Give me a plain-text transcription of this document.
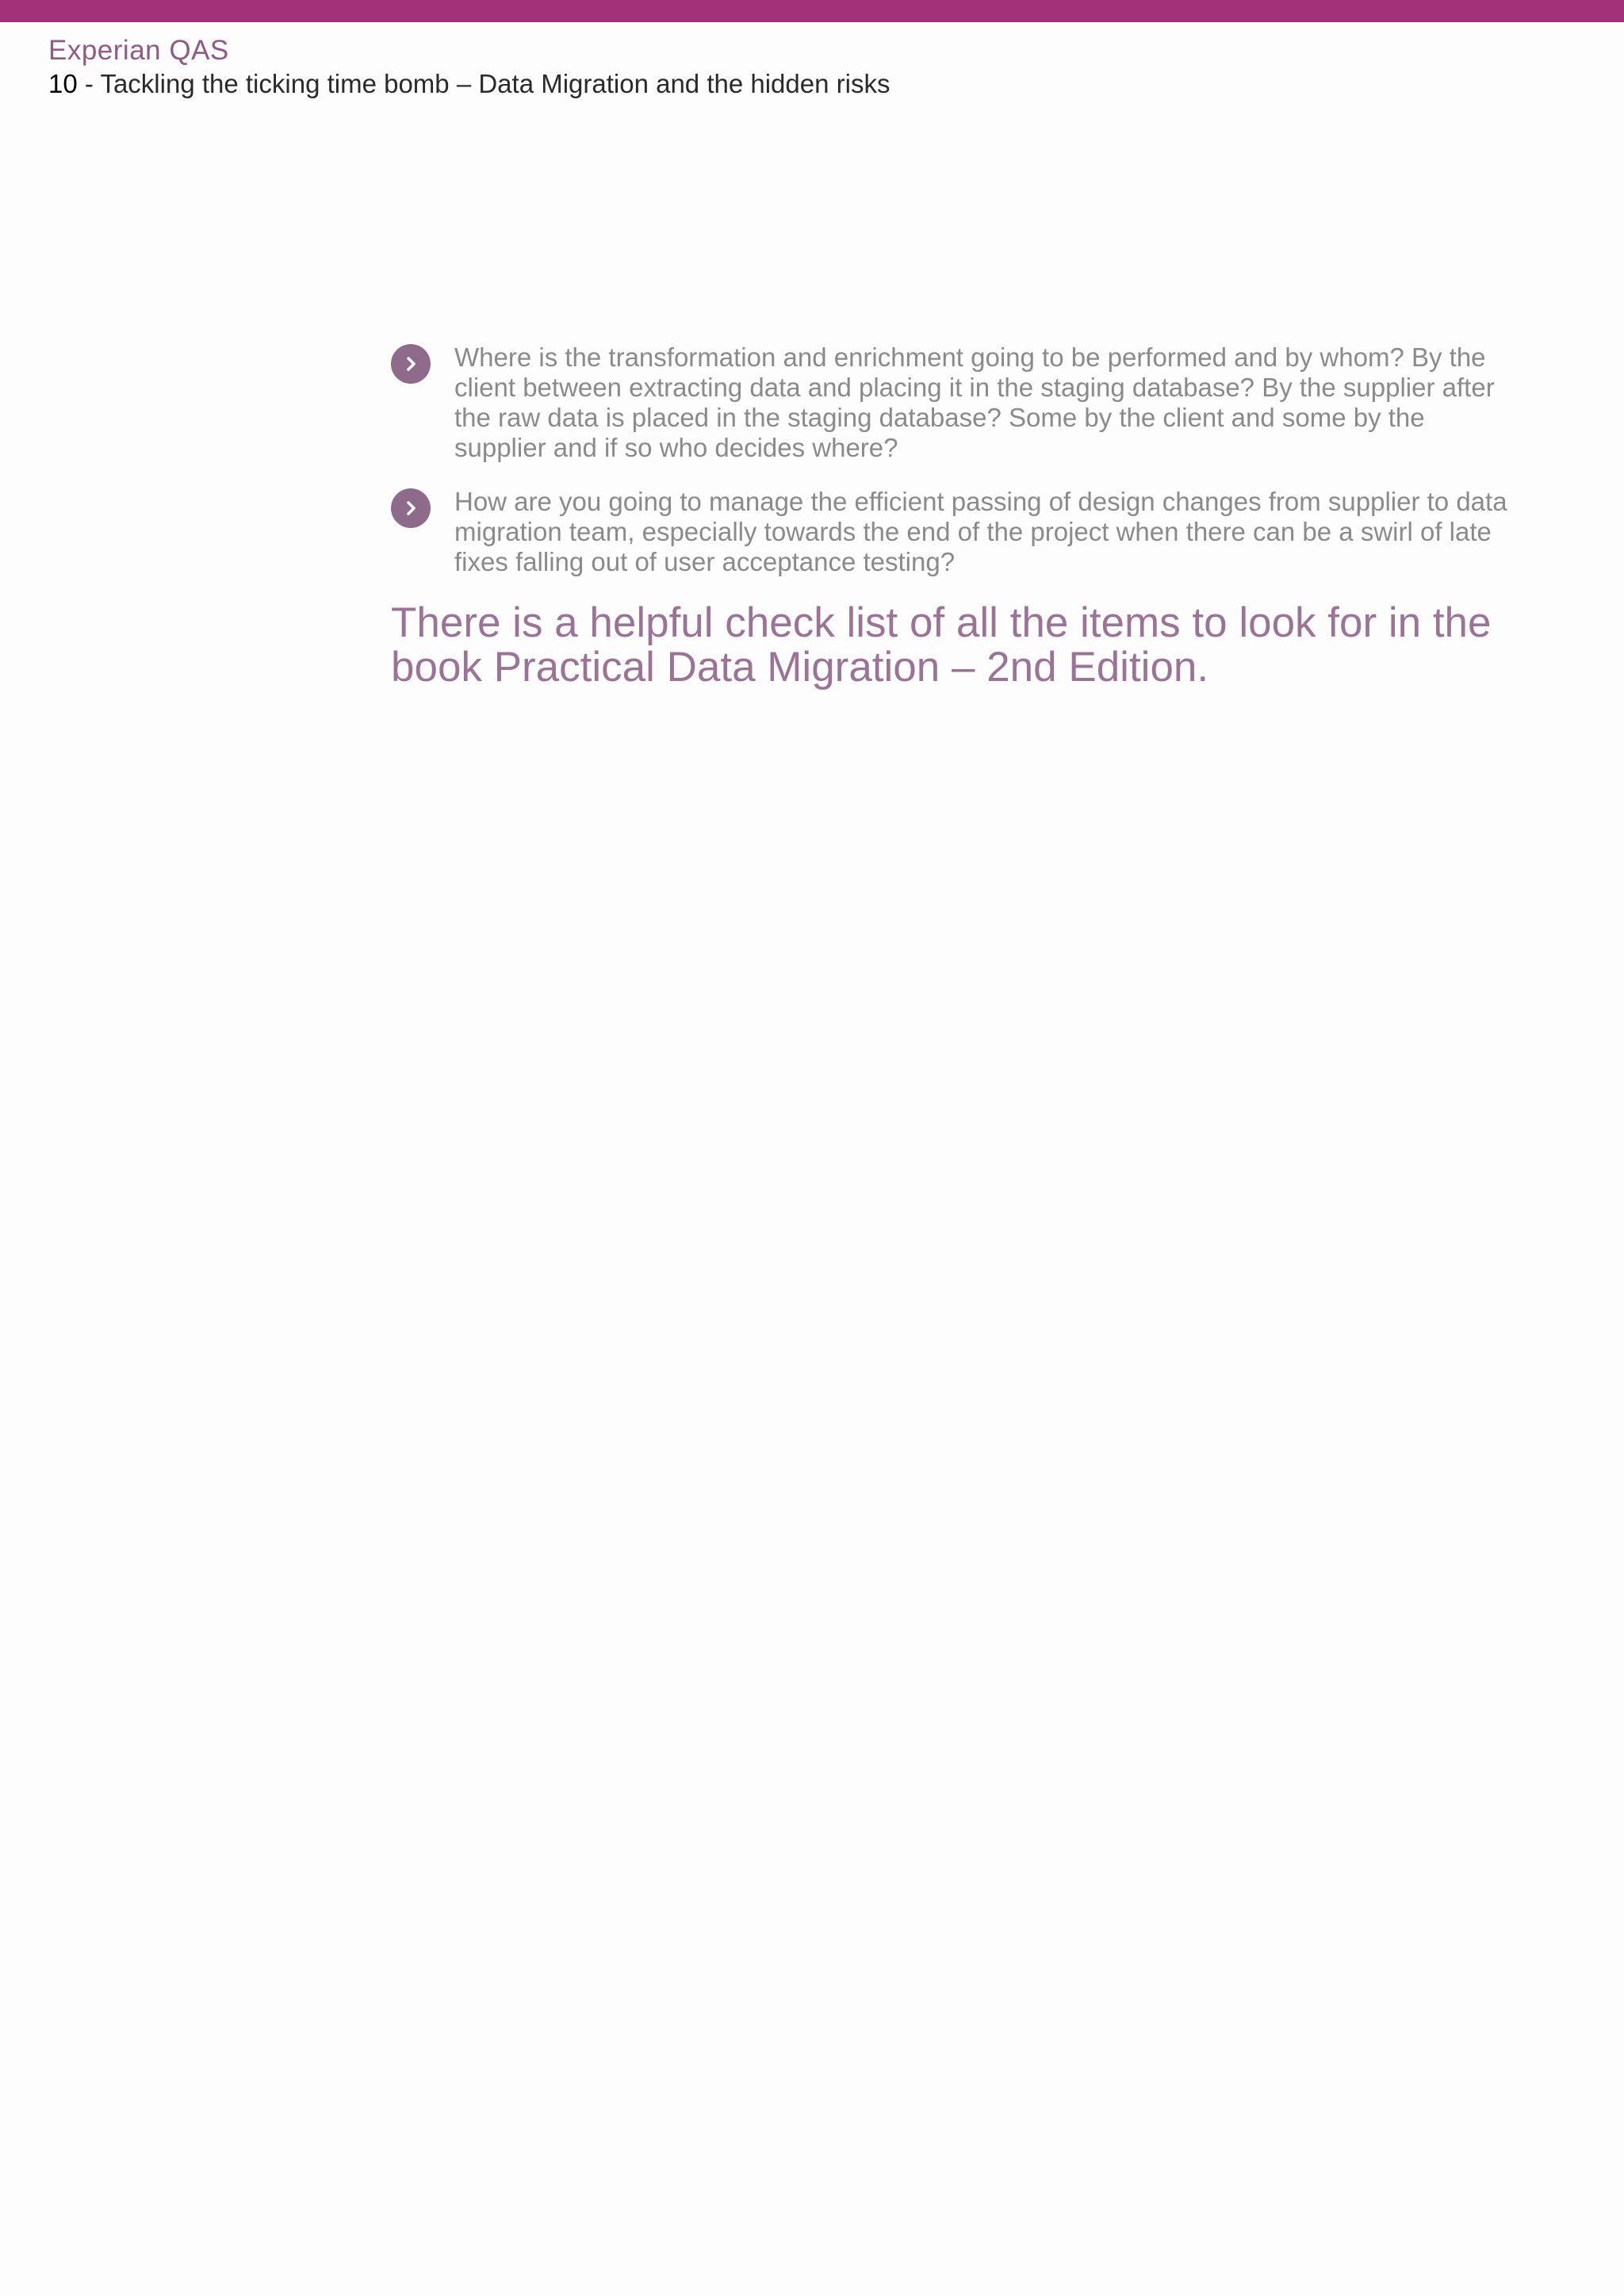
Experian QAS
10 - Tackling the ticking time bomb – Data Migration and the hidden risks
Where is the transformation and enrichment going to be performed and by whom? By the client between extracting data and placing it in the staging database? By the supplier after the raw data is placed in the staging database? Some by the client and some by the supplier and if so who decides where?
How are you going to manage the efficient passing of design changes from supplier to data migration team, especially towards the end of the project when there can be a swirl of late fixes falling out of user acceptance testing?
There is a helpful check list of all the items to look for in the book Practical Data Migration – 2nd Edition.
